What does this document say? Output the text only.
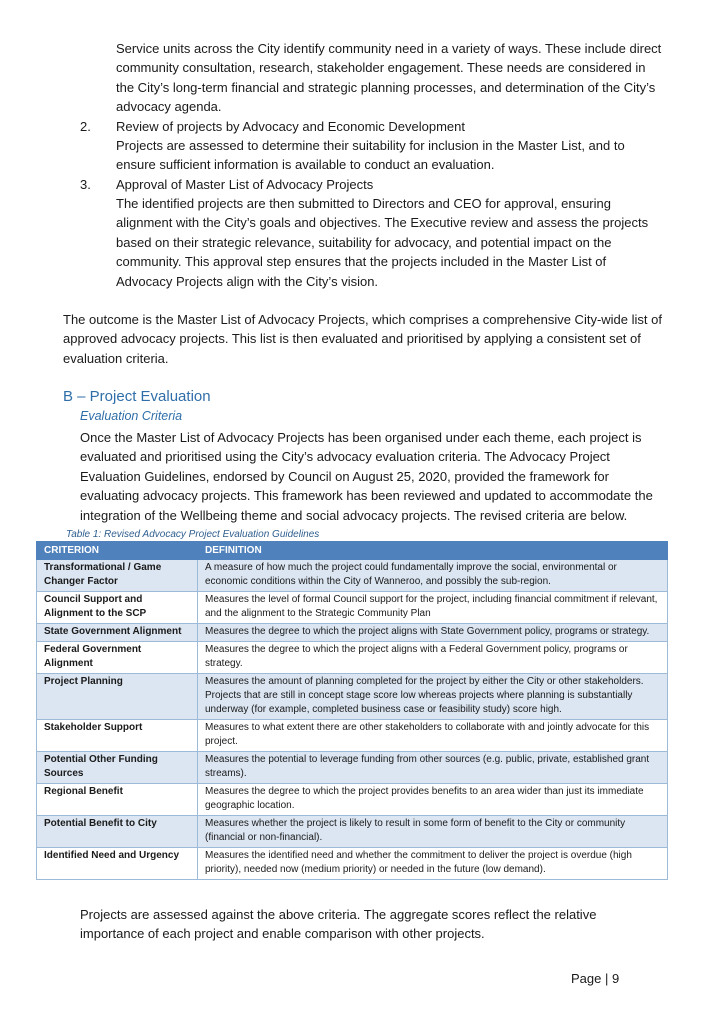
Service units across the City identify community need in a variety of ways. These include direct community consultation, research, stakeholder engagement. These needs are considered in the City’s long-term financial and strategic planning processes, and determination of the City’s advocacy agenda.

2. Review of projects by Advocacy and Economic Development

Projects are assessed to determine their suitability for inclusion in the Master List, and to ensure sufficient information is available to conduct an evaluation.

3. Approval of Master List of Advocacy Projects

The identified projects are then submitted to Directors and CEO for approval, ensuring alignment with the City’s goals and objectives. The Executive review and assess the projects based on their strategic relevance, suitability for advocacy, and potential impact on the community. This approval step ensures that the projects included in the Master List of Advocacy Projects align with the City’s vision.

The outcome is the Master List of Advocacy Projects, which comprises a comprehensive City-wide list of approved advocacy projects. This list is then evaluated and prioritised by applying a consistent set of evaluation criteria.

B – Project Evaluation
Evaluation Criteria

Once the Master List of Advocacy Projects has been organised under each theme, each project is evaluated and prioritised using the City’s advocacy evaluation criteria. The Advocacy Project Evaluation Guidelines, endorsed by Council on August 25, 2020, provided the framework for evaluating advocacy projects. This framework has been reviewed and updated to accommodate the integration of the Wellbeing theme and social advocacy projects. The revised criteria are below.

Table 1: Revised Advocacy Project Evaluation Guidelines
CRITERION	DEFINITION
Transformational / Game Changer Factor	A measure of how much the project could fundamentally improve the social, environmental or economic conditions within the City of Wanneroo, and possibly the sub-region.
Council Support and Alignment to the SCP	Measures the level of formal Council support for the project, including financial commitment if relevant, and the alignment to the Strategic Community Plan
State Government Alignment	Measures the degree to which the project aligns with State Government policy, programs or strategy.
Federal Government Alignment	Measures the degree to which the project aligns with a Federal Government policy, programs or strategy.
Project Planning	Measures the amount of planning completed for the project by either the City or other stakeholders. Projects that are still in concept stage score low whereas projects where planning is substantially underway (for example, completed business case or feasibility study) score high.
Stakeholder Support	Measures to what extent there are other stakeholders to collaborate with and jointly advocate for this project.
Potential Other Funding Sources	Measures the potential to leverage funding from other sources (e.g. public, private, established grant streams).
Regional Benefit	Measures the degree to which the project provides benefits to an area wider than just its immediate geographic location.
Potential Benefit to City	Measures whether the project is likely to result in some form of benefit to the City or community (financial or non-financial).
Identified Need and Urgency	Measures the identified need and whether the commitment to deliver the project is overdue (high priority), needed now (medium priority) or needed in the future (low demand).

Projects are assessed against the above criteria. The aggregate scores reflect the relative importance of each project and enable comparison with other projects.

Page | 9
